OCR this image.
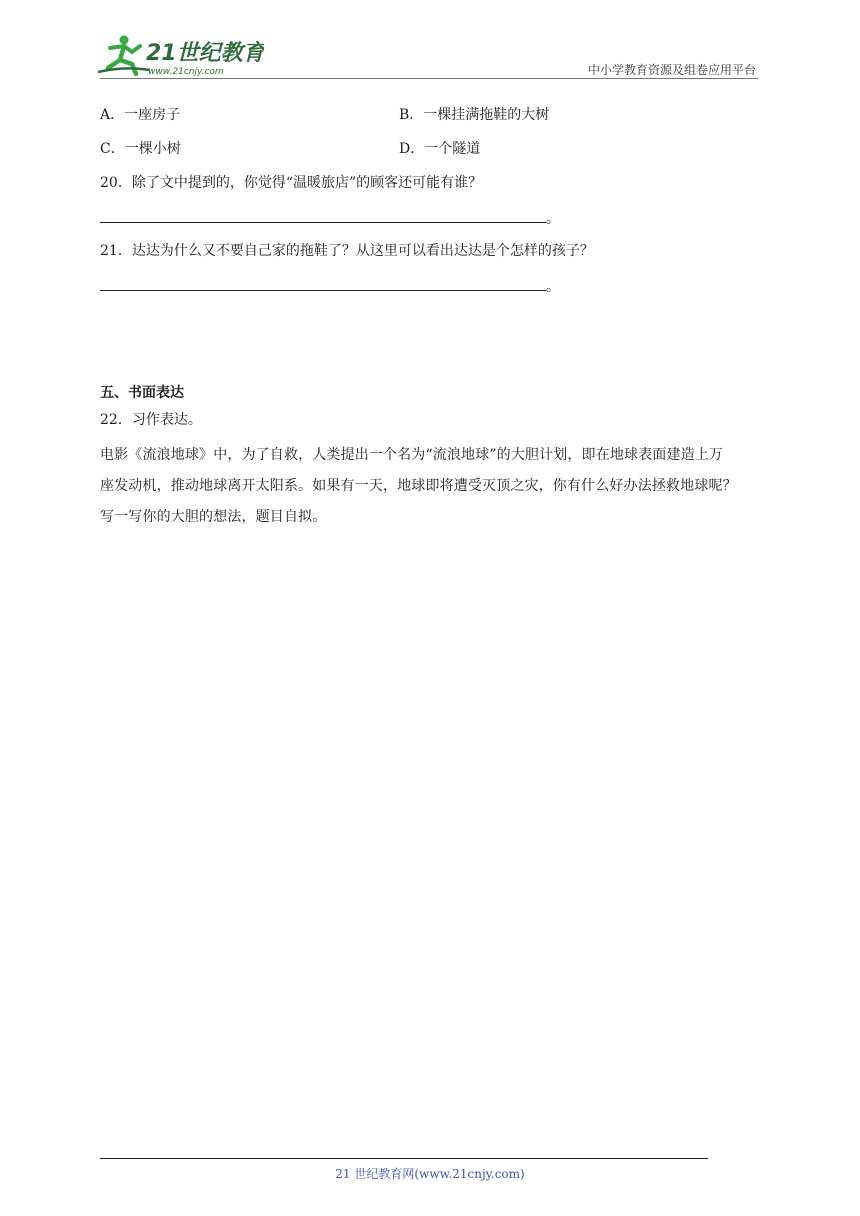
21世纪教育
www.21cnjy.com	中小学教育资源及组卷应用平台
A．一座房子	B．一棵挂满拖鞋的大树
C．一棵小树	D．一个隧道
20．除了文中提到的，你觉得“温暖旅店”的顾客还可能有谁？
。
21．达达为什么又不要自己家的拖鞋了？从这里可以看出达达是个怎样的孩子？
。
五、书面表达
22．习作表达。

电影《流浪地球》中，为了自救，人类提出一个名为“流浪地球”的大胆计划，即在地球表面建造上万

座发动机，推动地球离开太阳系。如果有一天，地球即将遭受灭顶之灾，你有什么好办法拯救地球呢？

写一写你的大胆的想法，题目自拟。

21 世纪教育网(www.21cnjy.com)
